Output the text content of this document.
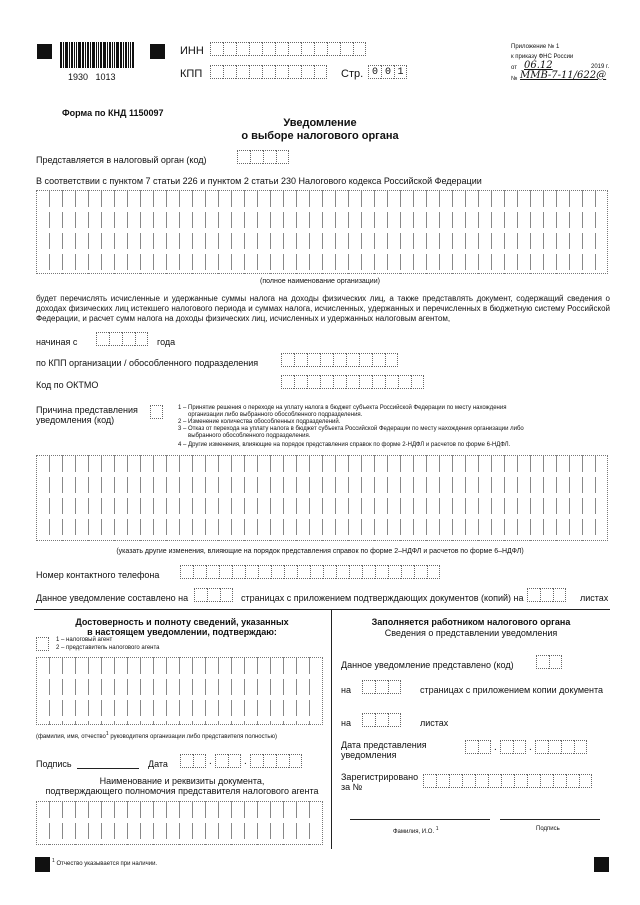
1930   1013
ИНН
КПП	Стр. 0 0 1
Приложение № 1
к приказу ФНС России
от 06.12	2019 г.
№ ММВ-7-11/622@
Форма по КНД 1150097
Уведомление
о выборе налогового органа
Представляется в налоговый орган (код)
В соответствии с пунктом 7 статьи 226 и пунктом 2 статьи 230 Налогового кодекса Российской Федерации
(полное наименование организации)
будет перечислять исчисленные и удержанные суммы налога на доходы физических лиц, а также представлять документ, содержащий сведения о доходах физических лиц истекшего налогового периода и суммах налога, исчисленных, удержанных и перечисленных в бюджетную систему Российской Федерации, и расчет сумм налога на доходы физических лиц, исчисленных и удержанных налоговым агентом,
начиная с	года
по КПП организации / обособленного подразделения
Код по ОКТМО
Причина представления
уведомления (код)
1 – Принятие решения о переходе на уплату налога в бюджет субъекта Российской Федерации по месту нахождения
организации либо выбранного обособленного подразделения.
2 – Изменение количества обособленных подразделений.
3 – Отказ от перехода на уплату налога в бюджет субъекта Российской Федерации по месту нахождения организации либо
выбранного обособленного подразделения.
4 – Другие изменения, влияющие на порядок представления справок по форме 2-НДФЛ и расчетов по форме 6-НДФЛ.
(указать другие изменения, влияющие на порядок представления справок по форме 2–НДФЛ и расчетов по форме 6–НДФЛ)
Номер контактного телефона
Данное уведомление составлено на	страницах с приложением подтверждающих документов (копий) на	листах
Достоверность и полноту сведений, указанных
в настоящем уведомлении, подтверждаю:
1 – налоговый агент
2 – представитель налогового агента
(фамилия, имя, отчество$^1$ руководителя организации либо представителя полностью)
Подпись	Дата	.	.
Наименование и реквизиты документа,
подтверждающего полномочия представителя налогового агента
$^1$ Отчество указывается при наличии.
Заполняется работником налогового органа
Сведения о представлении уведомления
Данное уведомление представлено (код)
на	страницах с приложением копии документа
на	листах
Дата представления
уведомления
.	.
Зарегистрировано
за №
Фамилия, И.О. $^1$	Подпись
